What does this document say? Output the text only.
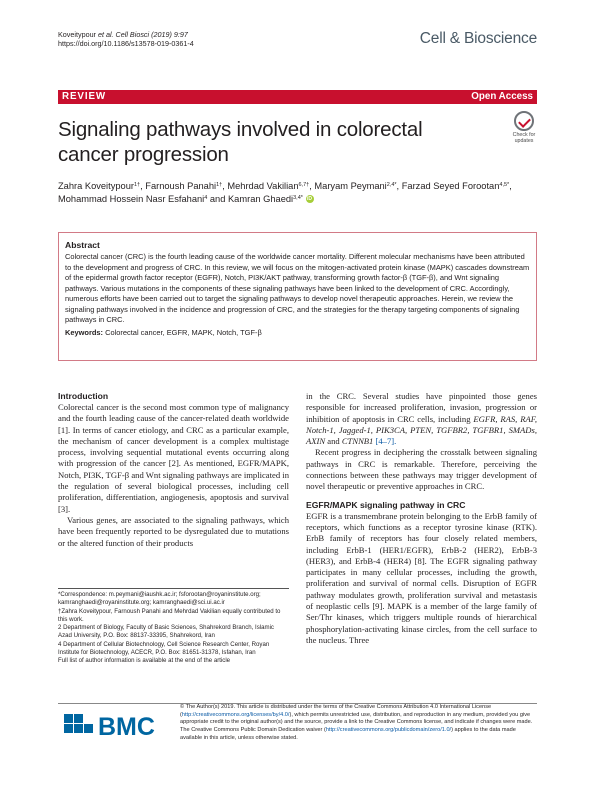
Koveitypour et al. Cell Biosci (2019) 9:97
https://doi.org/10.1186/s13578-019-0361-4	Cell & Bioscience
REVIEW	Open Access
Signaling pathways involved in colorectal cancer progression
Check for
updates
Zahra Koveitypour$^{1\dagger}$, Farnoush Panahi$^{1\dagger}$, Mehrdad Vakilian$^{6,7\dagger}$, Maryam Peymani$^{2,4*}$, Farzad Seyed Forootan$^{4,5*}$,
Mohammad Hossein Nasr Esfahani$^4$ and Kamran Ghaedi$^{3,4*}$ iD
Abstract
Colorectal cancer (CRC) is the fourth leading cause of the worldwide cancer mortality. Different molecular mechanisms have been attributed to the development and progress of CRC. In this review, we will focus on the mitogen-activated protein kinase (MAPK) cascades downstream of the epidermal growth factor receptor (EGFR), Notch, PI3K/AKT pathway, transforming growth factor-β (TGF-β), and Wnt signaling pathways. Various mutations in the components of these signaling pathways have been linked to the development of CRC. Accordingly, numerous efforts have been carried out to target the signaling pathways to develop novel therapeutic approaches. Herein, we review the signaling pathways involved in the incidence and progression of CRC, and the strategies for the therapy targeting components of signaling pathways in CRC.
Keywords: Colorectal cancer, EGFR, MAPK, Notch, TGF-β
Introduction

Colorectal cancer is the second most common type of malignancy and the fourth leading cause of the cancer-related death worldwide [1]. In terms of cancer etiology, and CRC as a particular example, the mechanism of cancer development is a complex multistage process, involving sequential mutational events occurring along with progression of the cancer [2]. As mentioned, EGFR/MAPK, Notch, PI3K, TGF-β and Wnt signaling pathways are implicated in the regulation of several biological processes, including cell proliferation, differentiation, angiogenesis, apoptosis and survival [3].

Various genes, are associated to the signaling pathways, which have been frequently reported to be dysregulated due to mutations or the altered function of their products

in the CRC. Several studies have pinpointed those genes responsible for increased proliferation, invasion, progression or inhibition of apoptosis in CRC cells, including EGFR, RAS, RAF, Notch-1, Jagged-1, PIK3CA, PTEN, TGFBR2, TGFBR1, SMADs, AXIN and CTNNB1 [4–7].

Recent progress in deciphering the crosstalk between signaling pathways in CRC is remarkable. Therefore, perceiving the connections between these pathways may trigger development of novel therapeutic or preventive approaches in CRC.

EGFR/MAPK signaling pathway in CRC

EGFR is a transmembrane protein belonging to the ErbB family of receptors, which functions as a receptor tyrosine kinase (RTK). ErbB family of receptors has four closely related members, including ErbB-1 (HER1/EGFR), ErbB-2 (HER2), ErbB-3 (HER3), and ErbB-4 (HER4) [8]. The EGFR signaling pathway participates in many cellular processes, including the growth, proliferation and survival of normal cells. Disruption of EGFR pathway modulates growth, proliferation survival and metastasis of neoplastic cells [9]. MAPK is a member of the large family of Ser/Thr kinases, which triggers multiple rounds of hierarchical phosphorylation-activating kinase circles, from the cell surface to the nucleus. Three

*Correspondence: m.peymani@iaushk.ac.ir; fsforootan@royaninstitute.org; kamranghaedi@royaninstitute.org; kamranghaedi@sci.ui.ac.ir
†Zahra Koveitypour, Farnoush Panahi and Mehrdad Vakilian equally contributed to this work.
2 Department of Biology, Faculty of Basic Sciences, Shahrekord Branch, Islamic Azad University, P.O. Box: 88137-33395, Shahrekord, Iran
4 Department of Cellular Biotechnology, Cell Science Research Center, Royan Institute for Biotechnology, ACECR, P.O. Box: 81651-31378, Isfahan, Iran
Full list of author information is available at the end of the article
BMC
© The Author(s) 2019. This article is distributed under the terms of the Creative Commons Attribution 4.0 International License (http://creativecommons.org/licenses/by/4.0/), which permits unrestricted use, distribution, and reproduction in any medium, provided you give appropriate credit to the original author(s) and the source, provide a link to the Creative Commons license, and indicate if changes were made. The Creative Commons Public Domain Dedication waiver (http://creativecommons.org/publicdomain/zero/1.0/) applies to the data made available in this article, unless otherwise stated.
